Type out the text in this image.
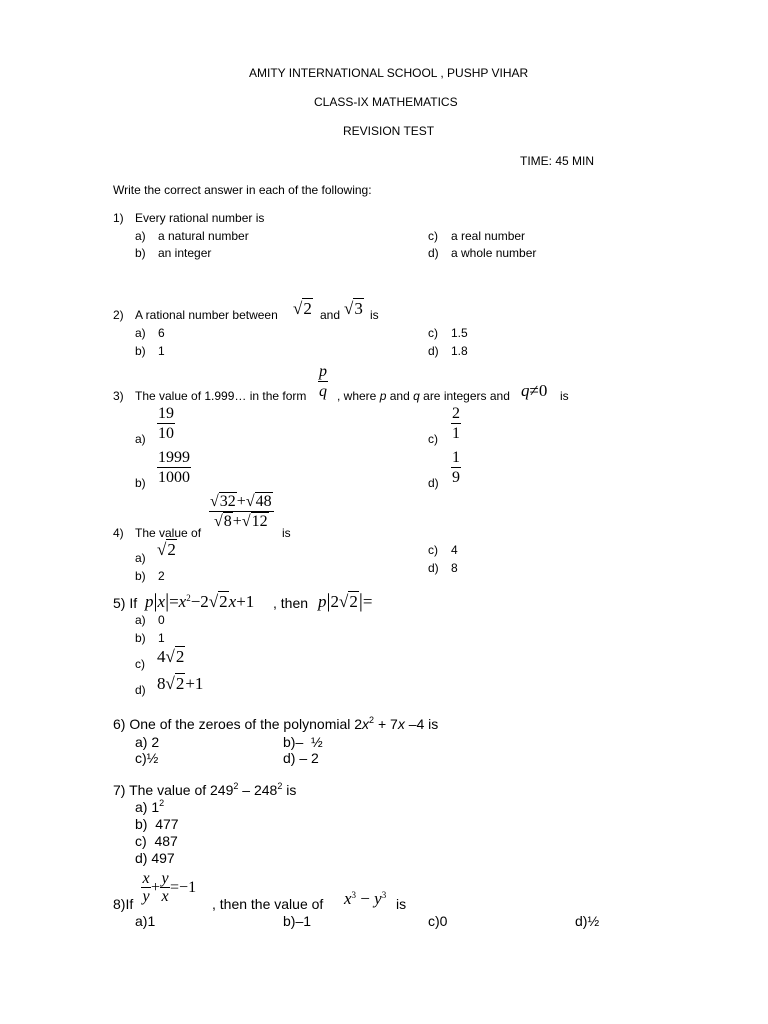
AMITY INTERNATIONAL SCHOOL , PUSHP VIHAR
CLASS-IX MATHEMATICS
REVISION TEST
TIME: 45 MIN
Write the correct answer in each of the following:
1) Every rational number is
a) a natural number
b) an integer
c) a real number
d) a whole number
2) A rational number between √2 and √3 is
a) 6
b) 1
c) 1.5
d) 1.8
3) The value of 1.999… in the form
p
q , where p and q are integers and q≠0 is
a)
19
10
b)
1999
1000
c)
2
1
d)
1
9
4) The value of
√32+√48
√8+√12
is
a) √2
b) 2
c) 4
d) 8
5) If $p|x|=x^2-2√2x+1$ , then p|2√2|=
a) 0
b) 1
c) 4√2
d) 8√2+1
6) One of the zeroes of the polynomial $2x^2 + 7x$ –4 is
a) 2
c)½
b)– ½
d) – 2
7) The value of $249^2 - 248^2$ is
a) $1^2$
b) 477
c) 487
d) 497
8)If
x
y
+ y
x
=−1
, then the value of $x^3 - y^3$
is
a)1	b)–1	c)0	d)½
